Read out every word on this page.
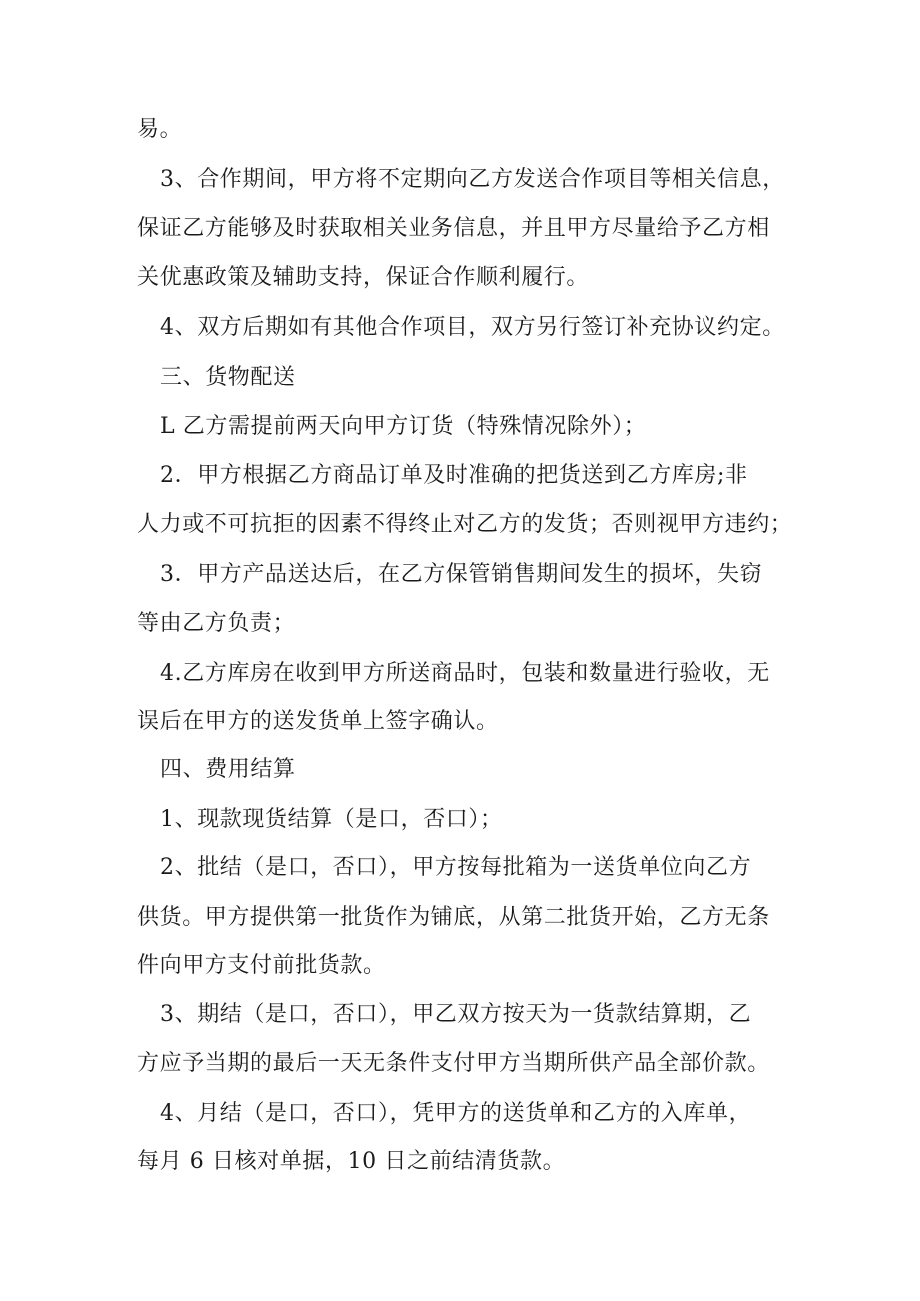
易。
3、合作期间，甲方将不定期向乙方发送合作项目等相关信息，
保证乙方能够及时获取相关业务信息，并且甲方尽量给予乙方相
关优惠政策及辅助支持，保证合作顺利履行。
4、双方后期如有其他合作项目，双方另行签订补充协议约定。
三、货物配送
L 乙方需提前两天向甲方订货（特殊情况除外）；
2．甲方根据乙方商品订单及时准确的把货送到乙方库房;非
人力或不可抗拒的因素不得终止对乙方的发货；否则视甲方违约；
3．甲方产品送达后，在乙方保管销售期间发生的损坏，失窃
等由乙方负责；
4.乙方库房在收到甲方所送商品时，包装和数量进行验收，无
误后在甲方的送发货单上签字确认。
四、费用结算
1、现款现货结算（是口，否口）；
2、批结（是口，否口），甲方按每批箱为一送货单位向乙方
供货。甲方提供第一批货作为铺底，从第二批货开始，乙方无条
件向甲方支付前批货款。
3、期结（是口，否口），甲乙双方按天为一货款结算期，乙
方应予当期的最后一天无条件支付甲方当期所供产品全部价款。
4、月结（是口，否口），凭甲方的送货单和乙方的入库单，
每月 6 日核对单据，10 日之前结清货款。
